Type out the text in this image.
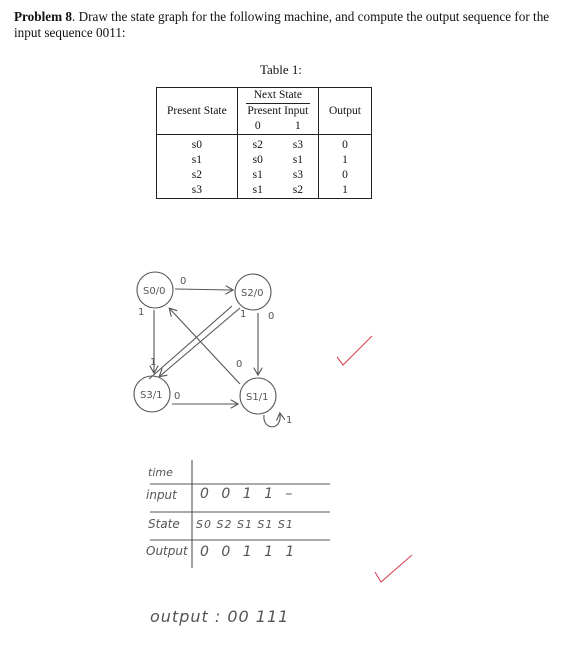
Problem 8. Draw the state graph for the following machine, and compute the output sequence for the input sequence 0011:
Table 1:
Present State	Next State		Output
	Present Input		
	0	1	
s0	s2	s3	0
s1	s0	s1	1
s2	s1	s3	0
s3	s1	s2	1
S0/0	S2/0
S3/1	S1/1
0
1	1 0
0
1
0
1
time
input 0 0 1 1 –
State S0 S2 S1 S1 S1
Output 0 0 1 1 1
output : 00 111
